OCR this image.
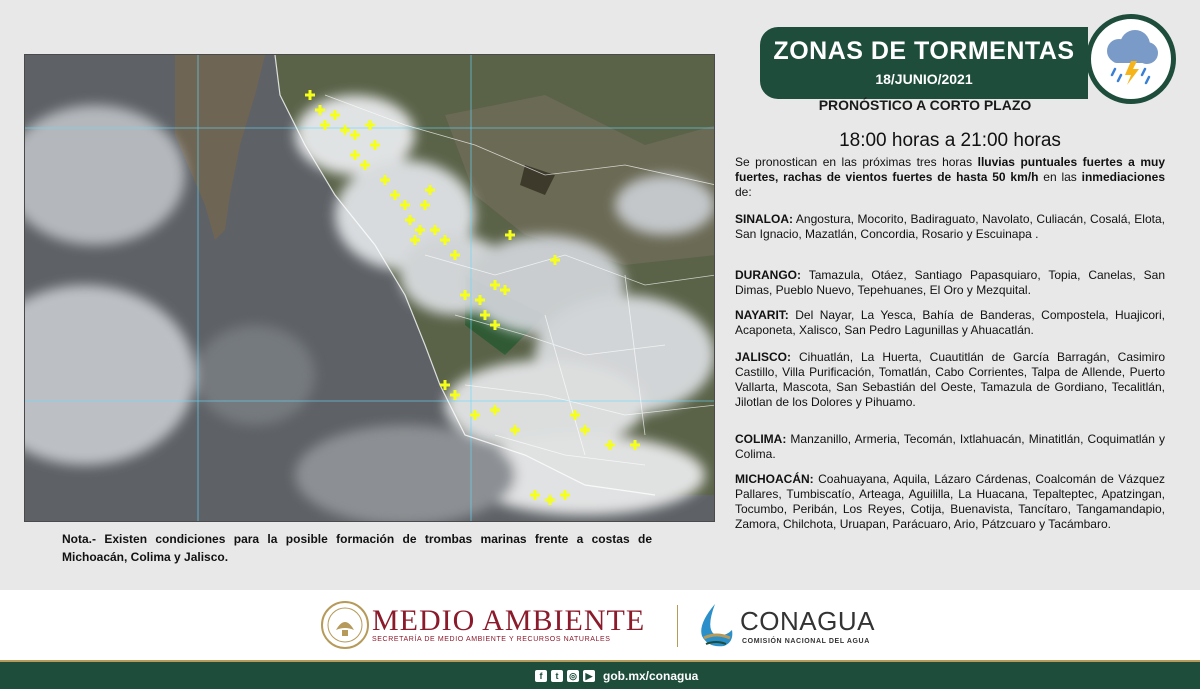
Nota.- Existen condiciones para la posible formación de trombas marinas frente a costas de Michoacán, Colima y Jalisco.
ZONAS DE TORMENTAS
18/JUNIO/2021
PRONÓSTICO A CORTO PLAZO
18:00 horas a 21:00 horas
Se pronostican en las próximas tres horas lluvias puntuales fuertes a muy fuertes, rachas de vientos fuertes de hasta 50 km/h en las inmediaciones de:
SINALOA: Angostura, Mocorito, Badiraguato, Navolato, Culiacán, Cosalá, Elota, San Ignacio, Mazatlán, Concordia, Rosario y Escuinapa .
DURANGO: Tamazula, Otáez, Santiago Papasquiaro, Topia, Canelas, San Dimas, Pueblo Nuevo, Tepehuanes, El Oro y Mezquital.
NAYARIT: Del Nayar, La Yesca, Bahía de Banderas, Compostela, Huajicori, Acaponeta, Xalisco, San Pedro Lagunillas y Ahuacatlán.
JALISCO: Cihuatlán, La Huerta, Cuautitlán de García Barragán, Casimiro Castillo, Villa Purificación, Tomatlán, Cabo Corrientes, Talpa de Allende, Puerto Vallarta, Mascota, San Sebastián del Oeste, Tamazula de Gordiano, Tecalitlán, Jilotlan de los Dolores y Pihuamo.
COLIMA: Manzanillo, Armeria, Tecomán, Ixtlahuacán, Minatitlán, Coquimatlán y Colima.
MICHOACÁN: Coahuayana, Aquila, Lázaro Cárdenas, Coalcomán de Vázquez Pallares, Tumbiscatío, Arteaga, Aguililla, La Huacana, Tepalteptec, Apatzingan, Tocumbo, Peribán, Los Reyes, Cotija, Buenavista, Tancítaro, Tangamandapio, Zamora, Chilchota, Uruapan, Parácuaro, Ario, Pátzcuaro y Tacámbaro.
MEDIO AMBIENTE
SECRETARÍA DE MEDIO AMBIENTE Y RECURSOS NATURALES
CONAGUA
COMISIÓN NACIONAL DEL AGUA
f	t	◎ ▶ gob.mx/conagua
